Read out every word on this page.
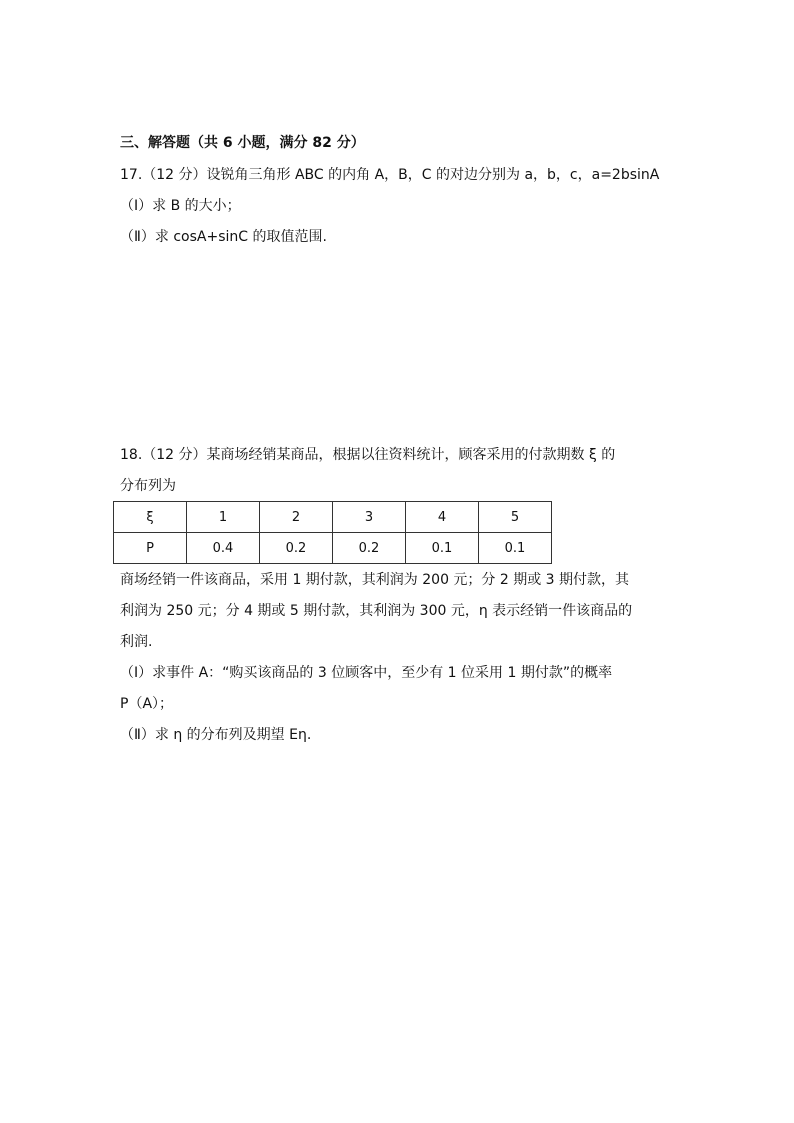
三、解答题（共 6 小题，满分 82 分）
17.（12 分）设锐角三角形 ABC 的内角 A，B，C 的对边分别为 a，b，c，a=2bsinA
（Ⅰ）求 B 的大小；
（Ⅱ）求 cosA+sinC 的取值范围.
18.（12 分）某商场经销某商品，根据以往资料统计，顾客采用的付款期数 ξ 的
分布列为
ξ	1	2	3	4	5
P	0.4	0.2	0.2	0.1	0.1
商场经销一件该商品，采用 1 期付款，其利润为 200 元；分 2 期或 3 期付款，其
利润为 250 元；分 4 期或 5 期付款，其利润为 300 元，η 表示经销一件该商品的
利润.
（Ⅰ）求事件 A：“购买该商品的 3 位顾客中，至少有 1 位采用 1 期付款”的概率
P（A）；
（Ⅱ）求 η 的分布列及期望 Eη.
